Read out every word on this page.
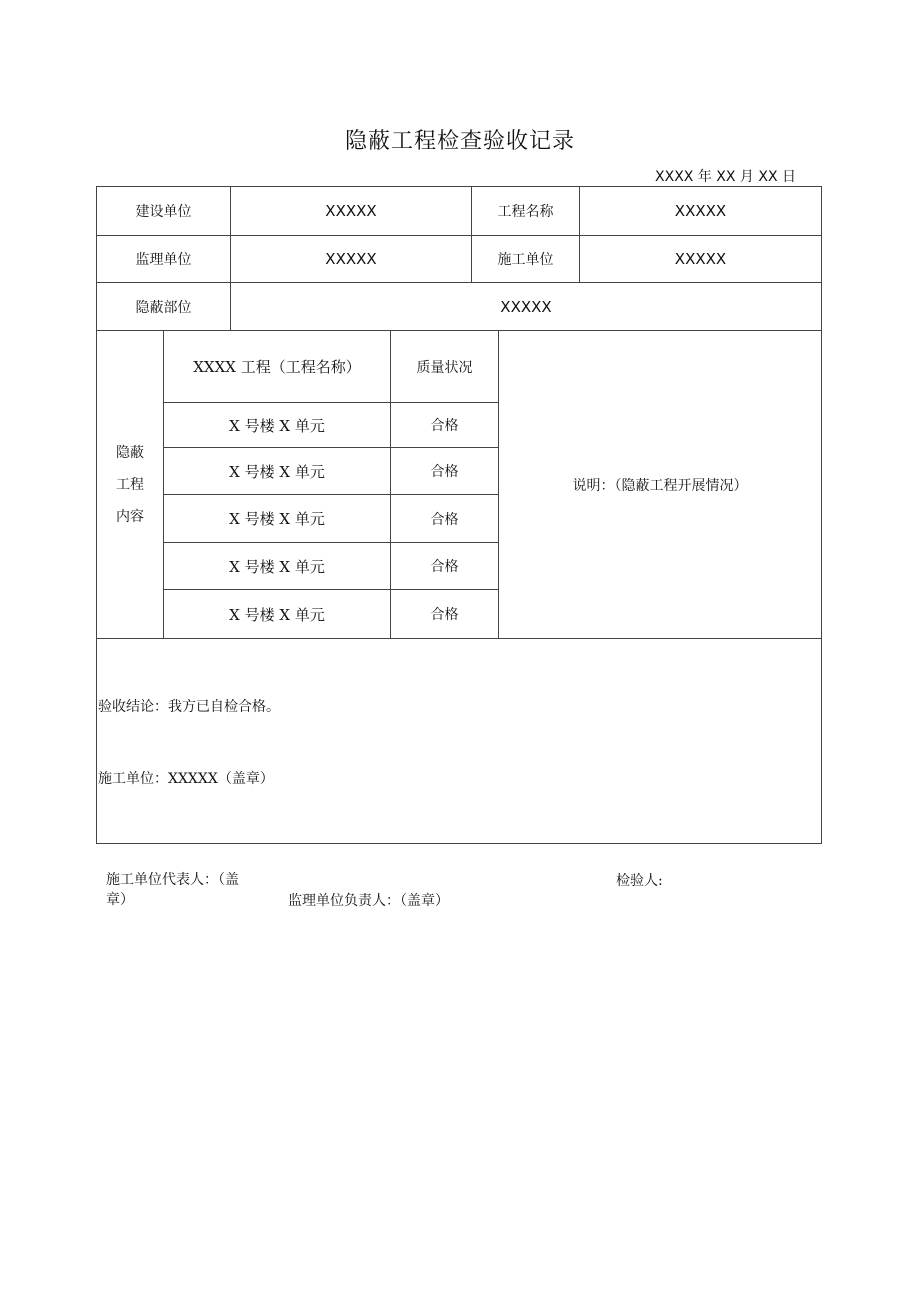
隐蔽工程检查验收记录
XXXX 年 XX 月 XX 日
建设单位	XXXXX	工程名称	XXXXX
监理单位	XXXXX	施工单位	XXXXX
隐蔽部位	XXXXX
隐蔽
工程
内容
XXXX 工程（工程名称）	质量状况
X 号楼 X 单元	合格
X 号楼 X 单元	合格
X 号楼 X 单元	合格
X 号楼 X 单元	合格
X 号楼 X 单元	合格
说明：（隐蔽工程开展情况）
验收结论：我方已自检合格。
施工单位：XXXXX（盖章）
施工单位代表人：（盖
章）	监理单位负责人：（盖章）
检验人:
